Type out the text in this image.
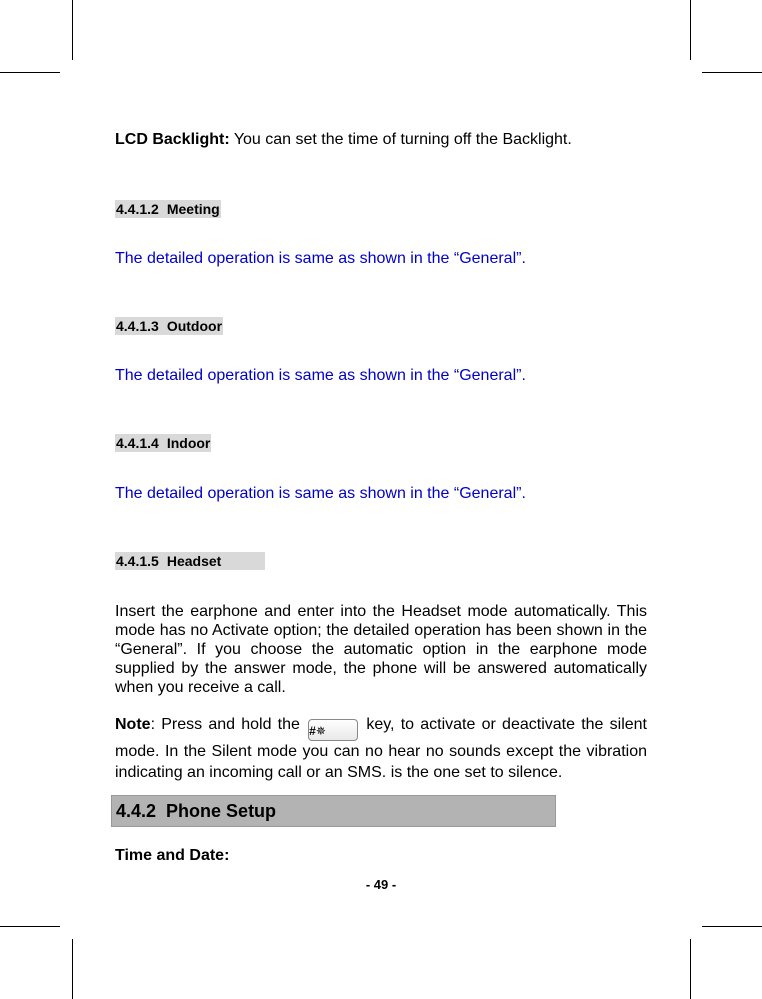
LCD Backlight: You can set the time of turning off the Backlight.
4.4.1.2 Meeting
The detailed operation is same as shown in the “General”.
4.4.1.3 Outdoor
The detailed operation is same as shown in the “General”.
4.4.1.4 Indoor
The detailed operation is same as shown in the “General”.
4.4.1.5 Headset
Insert the earphone and enter into the Headset mode automatically. This mode has no Activate option; the detailed operation has been shown in the “General”. If you choose the automatic option in the earphone mode supplied by the answer mode, the phone will be answered automatically when you receive a call.
Note: Press and hold the #✵ key, to activate or deactivate the silent mode. In the Silent mode you can no hear no sounds except the vibration indicating an incoming call or an SMS. is the one set to silence.
4.4.2 Phone Setup
Time and Date:
- 49 -
